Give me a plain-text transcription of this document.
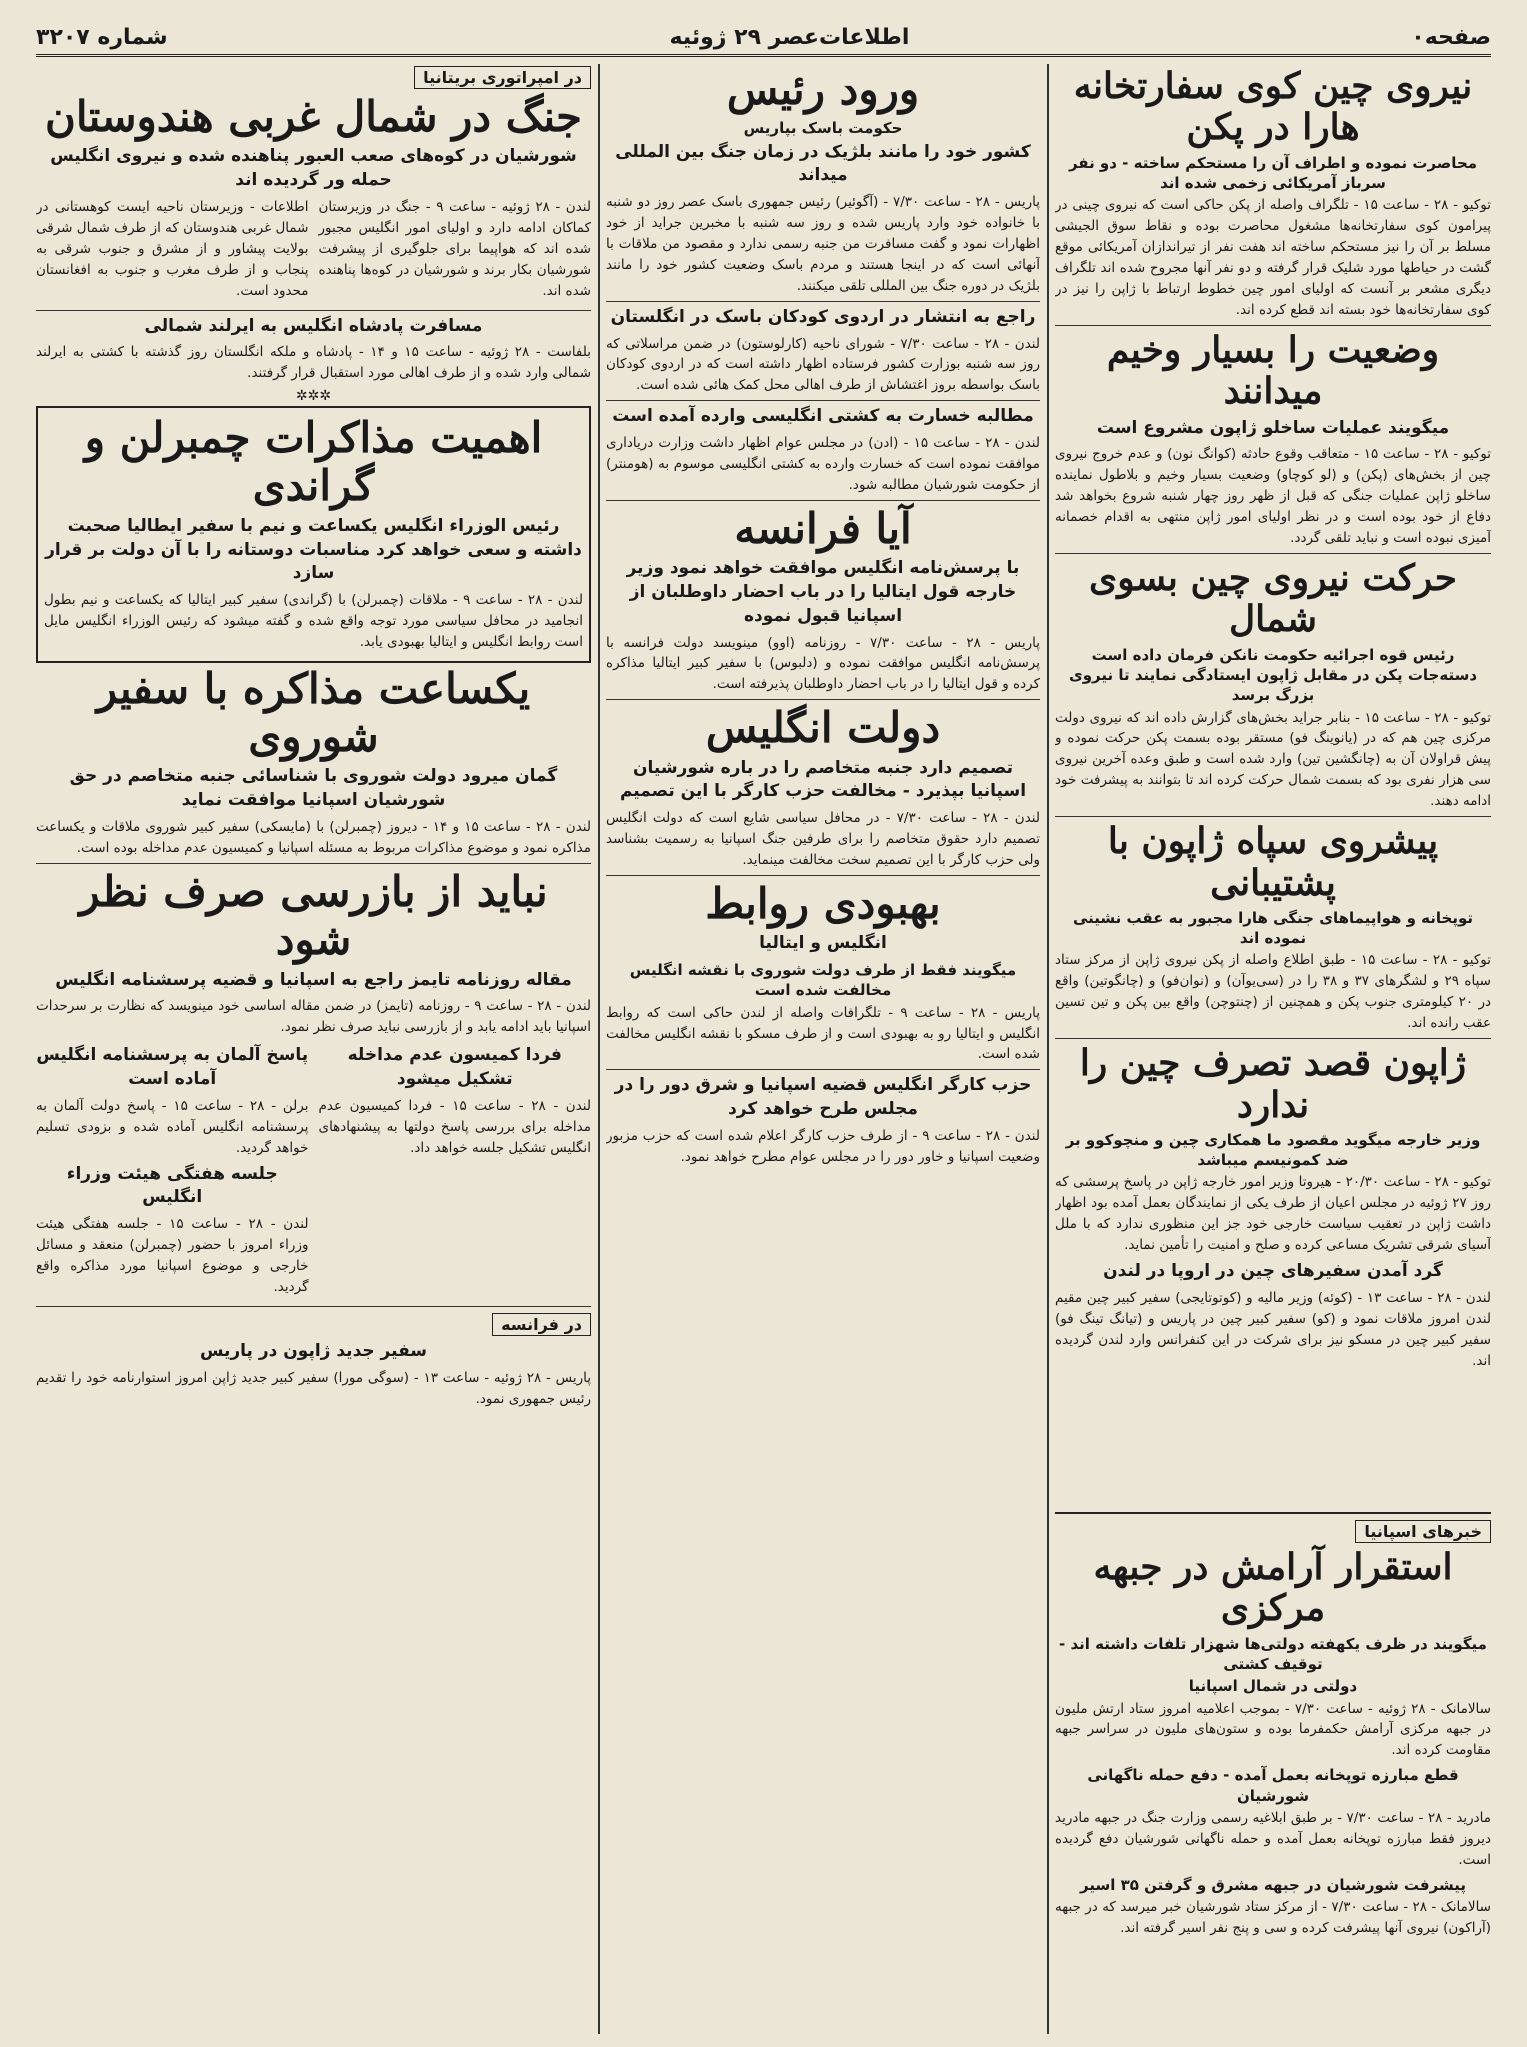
صفحه۰
اطلاعات‌عصر ۲۹ ژوئیه
شماره ۳۲۰۷
نیروی چین کوی سفارتخانه هارا در پکن
محاصرت نموده و اطراف آن را مستحکم ساخته - دو نفر سرباز آمریکائی زخمی شده اند

توکیو - ۲۸ - ساعت ۱۵ - تلگراف واصله از پکن حاکی است که نیروی چینی در پیرامون کوی سفارتخانه‌ها مشغول محاصرت بوده و نقاط سوق الجیشی مسلط بر آن را نیز مستحکم ساخته اند هفت نفر از تیراندازان آمریکائی موقع گشت در حیاطها مورد شلیک قرار گرفته و دو نفر آنها مجروح شده اند تلگراف دیگری مشعر بر آنست که اولیای امور چین خطوط ارتباط با ژاپن را نیز در کوی سفارتخانه‌ها خود بسته اند قطع کرده اند.

وضعیت را بسیار وخیم میدانند
میگویند عملیات ساخلو ژاپون مشروع است

توکیو - ۲۸ - ساعت ۱۵ - متعاقب وقوع حادثه (کوانگ نون) و عدم خروج نیروی چین از بخش‌های (پکن) و (لو کوچاو) وضعیت بسیار وخیم و بلاطول نماینده ساخلو ژاپن عملیات جنگی که قبل از ظهر روز چهار شنبه شروع بخواهد شد دفاع از خود بوده است و در نظر اولیای امور ژاپن منتهی به اقدام خصمانه آمیزی نبوده است و نباید تلقی گردد.

حرکت نیروی چین بسوی شمال
رئیس قوه اجرائیه حکومت نانکن فرمان داده است دسته‌جات پکن در مقابل ژاپون ایستادگی نمایند تا نیروی بزرگ برسد

توکیو - ۲۸ - ساعت ۱۵ - بنابر جراید بخش‌های گزارش داده اند که نیروی دولت مرکزی چین هم که در (یانوینگ فو) مستقر بوده بسمت پکن حرکت نموده و پیش قراولان آن به (چانگشین تین) وارد شده است و طبق وعده آخرین نیروی سی هزار نفری بود که بسمت شمال حرکت کرده اند تا بتوانند به پیشرفت خود ادامه دهند.

پیشروی سپاه ژاپون با پشتیبانی
توپخانه و هواپیماهای جنگی هارا مجبور به عقب نشینی نموده اند

توکیو - ۲۸ - ساعت ۱۵ - طبق اطلاع واصله از پکن نیروی ژاپن از مرکز ستاد سپاه ۲۹ و لشگرهای ۳۷ و ۳۸ را در (سی‌یوآن) و (نوان‌فو) و (چانگوتین) واقع در ۲۰ کیلومتری جنوب پکن و همچنین از (چنتوچن) واقع بین پکن و تین تسین عقب رانده اند.

ژاپون قصد تصرف چین را ندارد
وزیر خارجه میگوید مقصود ما همکاری چین و منچوکوو بر ضد کمونیسم میباشد

توکیو - ۲۸ - ساعت ۲۰/۳۰ - هیروتا وزیر امور خارجه ژاپن در پاسخ پرسشی که روز ۲۷ ژوئیه در مجلس اعیان از طرف یکی از نمایندگان بعمل آمده بود اظهار داشت ژاپن در تعقیب سیاست خارجی خود جز این منظوری ندارد که با ملل آسیای شرقی تشریک مساعی کرده و صلح و امنیت را تأمین نماید.

گرد آمدن سفیرهای چین در اروپا در لندن

لندن - ۲۸ - ساعت ۱۳ - (کوئه) وزیر مالیه و (کوتوتایجی) سفیر کبیر چین مقیم لندن امروز ملاقات نمود و (کو) سفیر کبیر چین در پاریس و (تیانگ تینگ فو) سفیر کبیر چین در مسکو نیز برای شرکت در این کنفرانس وارد لندن گردیده اند.

خبرهای اسپانیا
استقرار آرامش در جبهه مرکزی
میگویند در ظرف یکهفته دولتی‌ها شهزار تلفات داشته اند - توقیف کشتی
دولتی در شمال اسپانیا

سالامانک - ۲۸ ژوئیه - ساعت ۷/۳۰ - بموجب اعلامیه امروز ستاد ارتش ملیون در جبهه مرکزی آرامش حکمفرما بوده و ستون‌های ملیون در سراسر جبهه مقاومت کرده اند.

قطع مبارزه توپخانه بعمل آمده - دفع حمله ناگهانی شورشیان

مادرید - ۲۸ - ساعت ۷/۳۰ - بر طبق ابلاغیه رسمی وزارت جنگ در جبهه مادرید دیروز فقط مبارزه توپخانه بعمل آمده و حمله ناگهانی شورشیان دفع گردیده است.

پیشرفت شورشیان در جبهه مشرق و گرفتن ۳۵ اسیر

سالامانک - ۲۸ - ساعت ۷/۳۰ - از مرکز ستاد شورشیان خبر میرسد که در جبهه (آراکون) نیروی آنها پیشرفت کرده و سی و پنج نفر اسیر گرفته اند.

ورود رئیس
حکومت باسک بپاریس
کشور خود را مانند بلژیک در زمان جنگ بین المللی میداند

پاریس - ۲۸ - ساعت ۷/۳۰ - (آگوئیر) رئیس جمهوری باسک عصر روز دو شنبه با خانواده خود وارد پاریس شده و روز سه شنبه با مخبرین جراید از خود اظهارات نمود و گفت مسافرت من جنبه رسمی ندارد و مقصود من ملاقات با آنهائی است که در اینجا هستند و مردم باسک وضعیت کشور خود را مانند بلژیک در دوره جنگ بین المللی تلقی میکنند.

راجع به انتشار در اردوی کودکان باسک در انگلستان

لندن - ۲۸ - ساعت ۷/۳۰ - شورای ناحیه (کارلوستون) در ضمن مراسلاتی که روز سه شنبه بوزارت کشور فرستاده اظهار داشته است که در اردوی کودکان باسک بواسطه بروز اغتشاش از طرف اهالی محل کمک هائی شده است.

مطالبه خسارت به کشتی انگلیسی وارده آمده است

لندن - ۲۸ - ساعت ۱۵ - (ادن) در مجلس عوام اظهار داشت وزارت دریاداری موافقت نموده است که خسارت وارده به کشتی انگلیسی موسوم به (هومنتر) از حکومت شورشیان مطالبه شود.

آیا فرانسه
با پرسش‌نامه انگلیس موافقت خواهد نمود وزیر خارجه قول ایتالیا را در باب احضار داوطلبان از اسپانیا قبول نموده

پاریس - ۲۸ - ساعت ۷/۳۰ - روزنامه (اوو) مینویسد دولت فرانسه با پرسش‌نامه انگلیس موافقت نموده و (دلبوس) با سفیر کبیر ایتالیا مذاکره کرده و قول ایتالیا را در باب احضار داوطلبان پذیرفته است.

دولت انگلیس
تصمیم دارد جنبه متخاصم را در باره شورشیان اسپانیا بپذیرد - مخالفت حزب کارگر با این تصمیم

لندن - ۲۸ - ساعت ۷/۳۰ - در محافل سیاسی شایع است که دولت انگلیس تصمیم دارد حقوق متخاصم را برای طرفین جنگ اسپانیا به رسمیت بشناسد ولی حزب کارگر با این تصمیم سخت مخالفت مینماید.

بهبودی روابط
انگلیس و ایتالیا
میگویند فقط از طرف دولت شوروی با نقشه انگلیس مخالفت شده است

پاریس - ۲۸ - ساعت ۹ - تلگرافات واصله از لندن حاکی است که روابط انگلیس و ایتالیا رو به بهبودی است و از طرف مسکو با نقشه انگلیس مخالفت شده است.

حزب کارگر انگلیس قضیه اسپانیا و شرق دور را در مجلس طرح خواهد کرد

لندن - ۲۸ - ساعت ۹ - از طرف حزب کارگر اعلام شده است که حزب مزبور وضعیت اسپانیا و خاور دور را در مجلس عوام مطرح خواهد نمود.

در امپراتوری بریتانیا
جنگ در شمال غربی هندوستان
شورشیان در کوه‌های صعب العبور پناهنده شده و نیروی انگلیس حمله ور گردیده اند

لندن - ۲۸ ژوئیه - ساعت ۹ - جنگ در وزیرستان کماکان ادامه دارد و اولیای امور انگلیس مجبور شده اند که هواپیما برای جلوگیری از پیشرفت شورشیان بکار برند و شورشیان در کوه‌ها پناهنده شده اند.

اطلاعات - وزیرستان ناحیه ایست کوهستانی در شمال غربی هندوستان که از طرف شمال شرقی بولایت پیشاور و از مشرق و جنوب شرقی به پنجاب و از طرف مغرب و جنوب به افغانستان محدود است.

مسافرت پادشاه انگلیس به ایرلند شمالی

بلفاست - ۲۸ ژوئیه - ساعت ۱۵ و ۱۴ - پادشاه و ملکه انگلستان روز گذشته با کشتی به ایرلند شمالی وارد شده و از طرف اهالی مورد استقبال قرار گرفتند.

✲✲✲
اهمیت مذاکرات چمبرلن و گراندی
رئیس الوزراء انگلیس یکساعت و نیم با سفیر ایطالیا صحبت داشته و سعی خواهد کرد مناسبات دوستانه را با آن دولت بر قرار سازد

لندن - ۲۸ - ساعت ۹ - ملاقات (چمبرلن) با (گراندی) سفیر کبیر ایتالیا که یکساعت و نیم بطول انجامید در محافل سیاسی مورد توجه واقع شده و گفته میشود که رئیس الوزراء انگلیس مایل است روابط انگلیس و ایتالیا بهبودی یابد.

یکساعت مذاکره با سفیر شوروی
گمان میرود دولت شوروی با شناسائی جنبه متخاصم در حق شورشیان اسپانیا موافقت نماید

لندن - ۲۸ - ساعت ۱۵ و ۱۴ - دیروز (چمبرلن) با (مایسکی) سفیر کبیر شوروی ملاقات و یکساعت مذاکره نمود و موضوع مذاکرات مربوط به مسئله اسپانیا و کمیسیون عدم مداخله بوده است.

نباید از بازرسی صرف نظر شود
مقاله روزنامه تایمز راجع به اسپانیا و قضیه پرسشنامه انگلیس

لندن - ۲۸ - ساعت ۹ - روزنامه (تایمز) در ضمن مقاله اساسی خود مینویسد که نظارت بر سرحدات اسپانیا باید ادامه یابد و از بازرسی نباید صرف نظر نمود.

فردا کمیسون عدم مداخله تشکیل میشود

لندن - ۲۸ - ساعت ۱۵ - فردا کمیسیون عدم مداخله برای بررسی پاسخ دولتها به پیشنهادهای انگلیس تشکیل جلسه خواهد داد.

پاسخ آلمان به پرسشنامه انگلیس آماده است

برلن - ۲۸ - ساعت ۱۵ - پاسخ دولت آلمان به پرسشنامه انگلیس آماده شده و بزودی تسلیم خواهد گردید.

جلسه هفتگی هیئت وزراء انگلیس

لندن - ۲۸ - ساعت ۱۵ - جلسه هفتگی هیئت وزراء امروز با حضور (چمبرلن) منعقد و مسائل خارجی و موضوع اسپانیا مورد مذاکره واقع گردید.

در فرانسه
سفیر جدید ژاپون در پاریس

پاریس - ۲۸ ژوئیه - ساعت ۱۳ - (سوگی مورا) سفیر کبیر جدید ژاپن امروز استوارنامه خود را تقدیم رئیس جمهوری نمود.
